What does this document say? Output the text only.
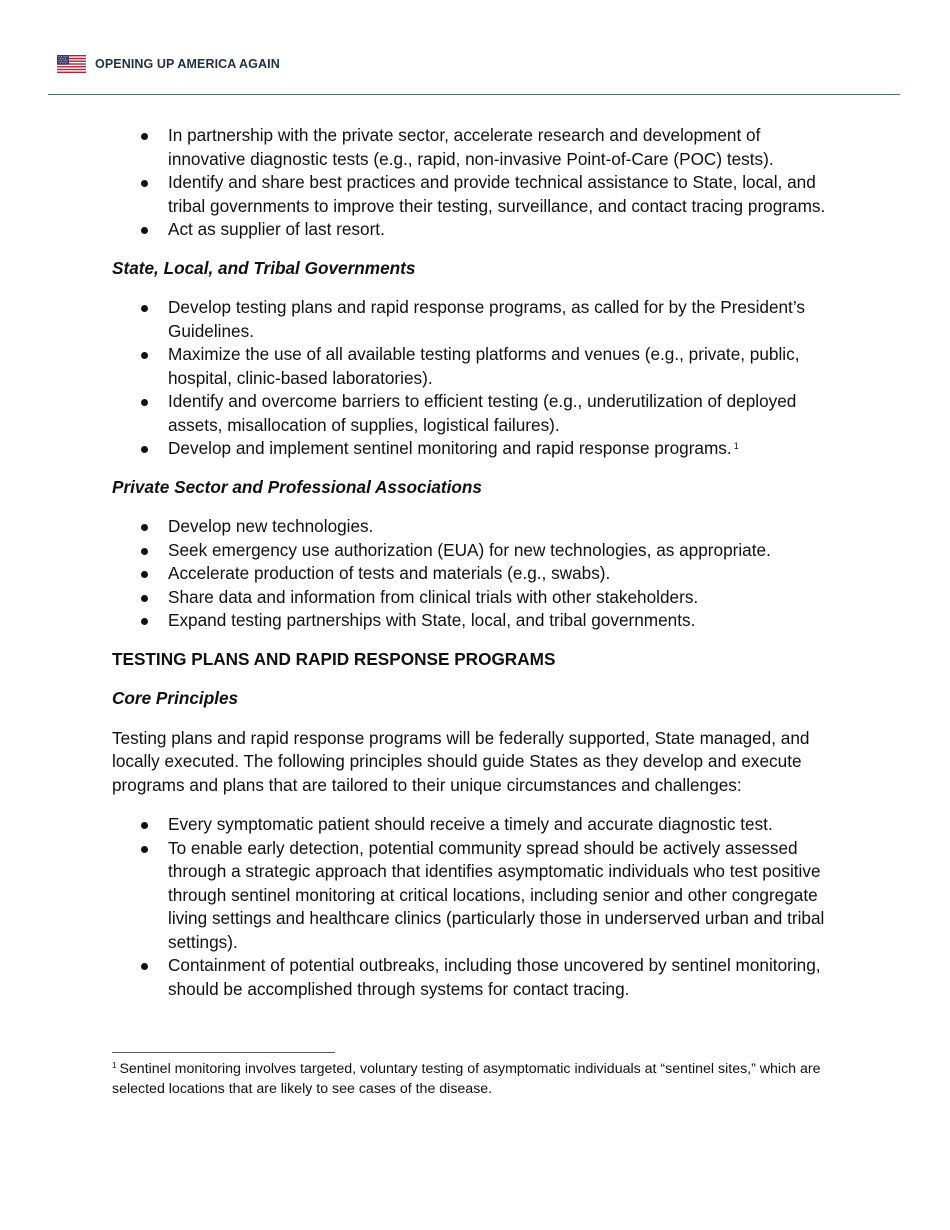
OPENING UP AMERICA AGAIN
In partnership with the private sector, accelerate research and development of innovative diagnostic tests (e.g., rapid, non-invasive Point-of-Care (POC) tests).
Identify and share best practices and provide technical assistance to State, local, and tribal governments to improve their testing, surveillance, and contact tracing programs.
Act as supplier of last resort.
State, Local, and Tribal Governments
Develop testing plans and rapid response programs, as called for by the President’s Guidelines.
Maximize the use of all available testing platforms and venues (e.g., private, public, hospital, clinic-based laboratories).
Identify and overcome barriers to efficient testing (e.g., underutilization of deployed assets, misallocation of supplies, logistical failures).
Develop and implement sentinel monitoring and rapid response programs. $^1$
Private Sector and Professional Associations
Develop new technologies.
Seek emergency use authorization (EUA) for new technologies, as appropriate.
Accelerate production of tests and materials (e.g., swabs).
Share data and information from clinical trials with other stakeholders.
Expand testing partnerships with State, local, and tribal governments.
TESTING PLANS AND RAPID RESPONSE PROGRAMS
Core Principles

Testing plans and rapid response programs will be federally supported, State managed, and locally executed. The following principles should guide States as they develop and execute programs and plans that are tailored to their unique circumstances and challenges:

Every symptomatic patient should receive a timely and accurate diagnostic test.
To enable early detection, potential community spread should be actively assessed through a strategic approach that identifies asymptomatic individuals who test positive through sentinel monitoring at critical locations, including senior and other congregate living settings and healthcare clinics (particularly those in underserved urban and tribal settings).
Containment of potential outbreaks, including those uncovered by sentinel monitoring, should be accomplished through systems for contact tracing.
$^1$ Sentinel monitoring involves targeted, voluntary testing of asymptomatic individuals at “sentinel sites,” which are selected locations that are likely to see cases of the disease.
